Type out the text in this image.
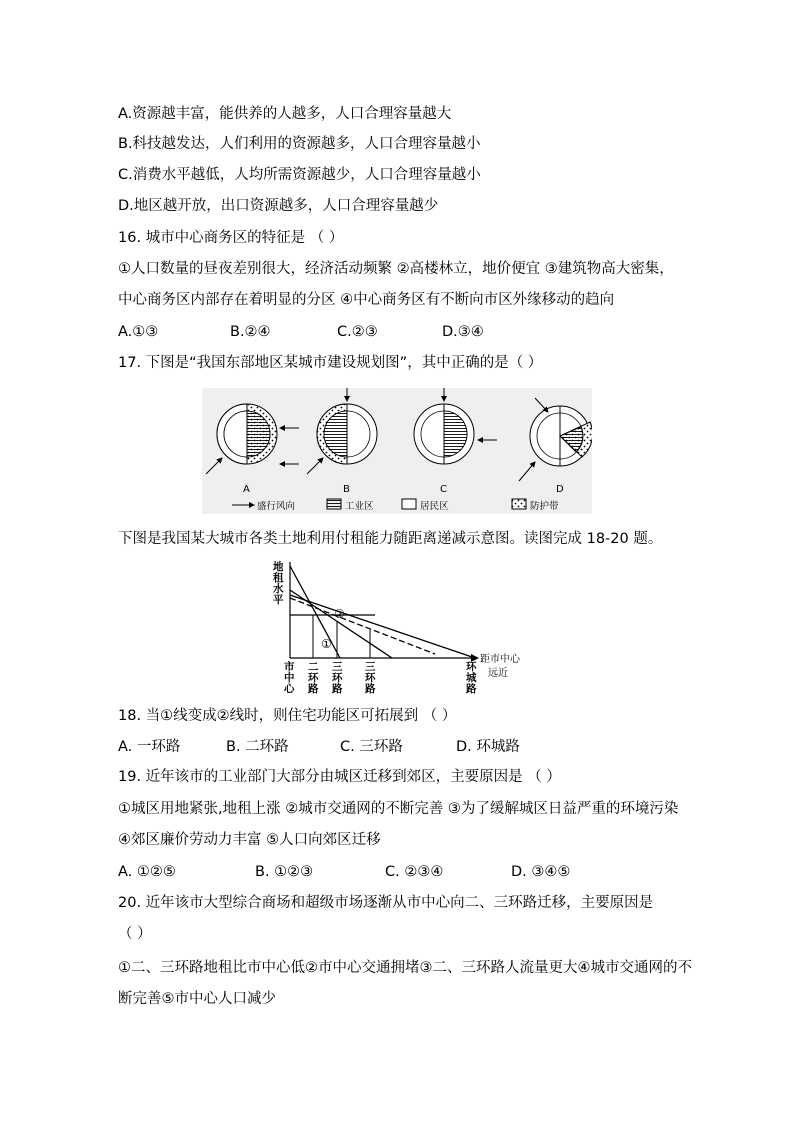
A.资源越丰富，能供养的人越多，人口合理容量越大
B.科技越发达，人们利用的资源越多，人口合理容量越小
C.消费水平越低，人均所需资源越少，人口合理容量越小
D.地区越开放，出口资源越多，人口合理容量越少
16. 城市中心商务区的特征是 （ ）
①人口数量的昼夜差别很大，经济活动频繁 ②高楼林立，地价便宜 ③建筑物高大密集，
中心商务区内部存在着明显的分区 ④中心商务区有不断向市区外缘移动的趋向
A.①③	B.②④	C.②③	D.③④
17. 下图是“我国东部地区某城市建设规划图”，其中正确的是（ ）
A	B	C	D
盛行风向	工业区	居民区	防护带
下图是我国某大城市各类土地利用付租能力随距离递减示意图。读图完成 18-20 题。
地
租
水
平
②
①
距市中心
远近
市
中
心
二
环
路
三
环
路
三
环
路
环
城
路
18. 当①线变成②线时，则住宅功能区可拓展到 （ ）
A. 一环路	B. 二环路	C. 三环路	D. 环城路
19. 近年该市的工业部门大部分由城区迁移到郊区，主要原因是 （ ）
①城区用地紧张,地租上涨 ②城市交通网的不断完善 ③为了缓解城区日益严重的环境污染
④郊区廉价劳动力丰富 ⑤人口向郊区迁移
A. ①②⑤	B. ①②③	C. ②③④	D. ③④⑤
20. 近年该市大型综合商场和超级市场逐渐从市中心向二、三环路迁移，主要原因是
（ ）
①二、三环路地租比市中心低②市中心交通拥堵③二、三环路人流量更大④城市交通网的不
断完善⑤市中心人口减少
